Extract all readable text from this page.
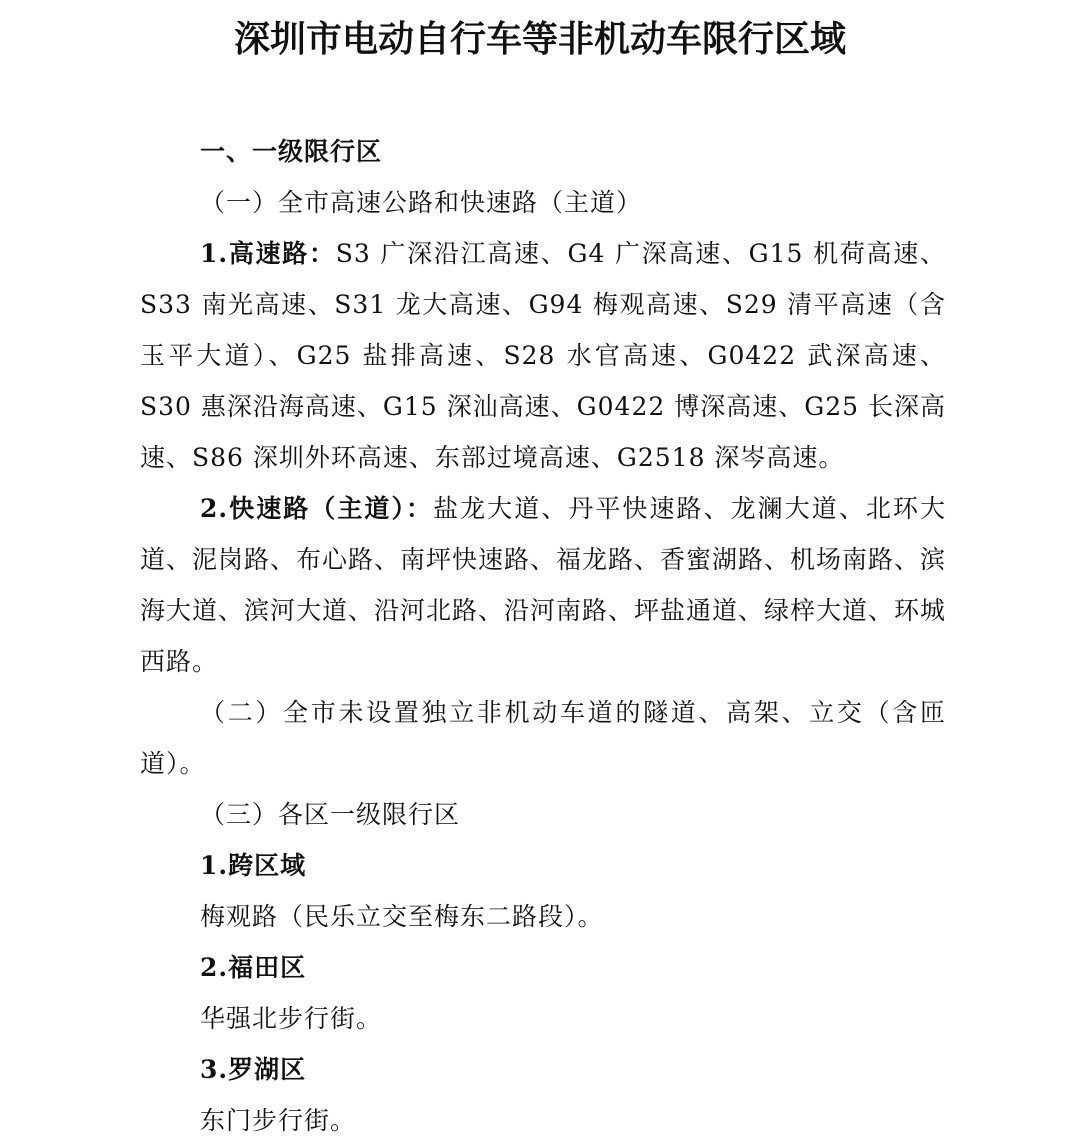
深圳市电动自行车等非机动车限行区域

一、一级限行区

（一）全市高速公路和快速路（主道）

1.高速路：S3 广深沿江高速、G4 广深高速、G15 机荷高速、S33 南光高速、S31 龙大高速、G94 梅观高速、S29 清平高速（含玉平大道）、G25 盐排高速、S28 水官高速、G0422 武深高速、S30 惠深沿海高速、G15 深汕高速、G0422 博深高速、G25 长深高速、S86 深圳外环高速、东部过境高速、G2518 深岑高速。

2.快速路（主道）：盐龙大道、丹平快速路、龙澜大道、北环大道、泥岗路、布心路、南坪快速路、福龙路、香蜜湖路、机场南路、滨海大道、滨河大道、沿河北路、沿河南路、坪盐通道、绿梓大道、环城西路。

（二）全市未设置独立非机动车道的隧道、高架、立交（含匝道）。

（三）各区一级限行区

1.跨区域

梅观路（民乐立交至梅东二路段）。

2.福田区

华强北步行街。

3.罗湖区

东门步行街。
